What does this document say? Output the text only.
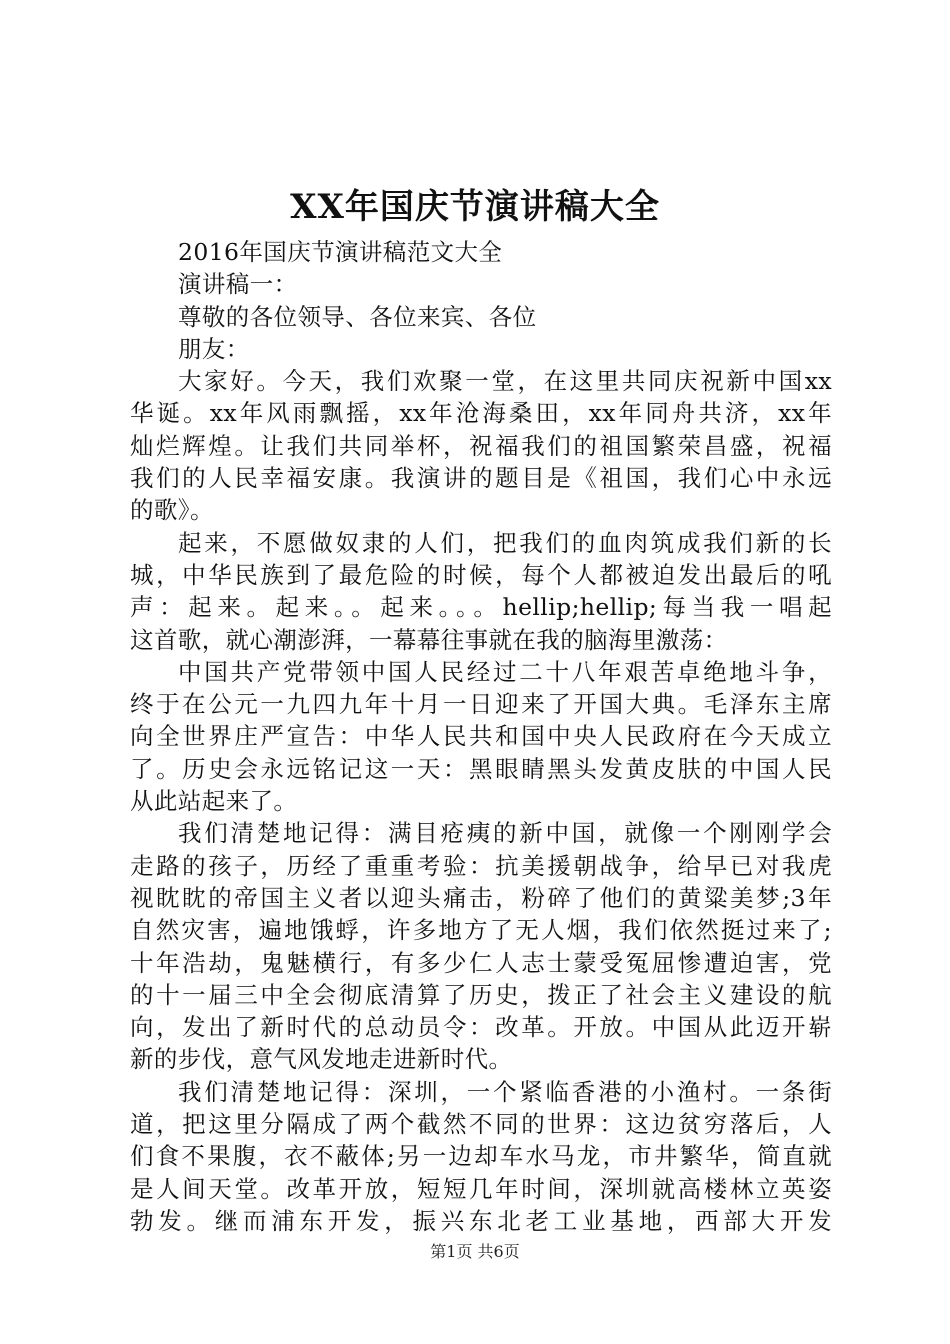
XX年国庆节演讲稿大全
2016年国庆节演讲稿范文大全
演讲稿一：
尊敬的各位领导、各位来宾、各位
朋友：
大家好。今天，我们欢聚一堂，在这里共同庆祝新中国xx
华诞。xx年风雨飘摇，xx年沧海桑田，xx年同舟共济，xx年
灿烂辉煌。让我们共同举杯，祝福我们的祖国繁荣昌盛，祝福
我们的人民幸福安康。我演讲的题目是《祖国，我们心中永远
的歌》。
起来，不愿做奴隶的人们，把我们的血肉筑成我们新的长
城，中华民族到了最危险的时候，每个人都被迫发出最后的吼
声：起来。起来。。起来。。。hellip;hellip;每当我一唱起
这首歌，就心潮澎湃，一幕幕往事就在我的脑海里激荡：
中国共产党带领中国人民经过二十八年艰苦卓绝地斗争，
终于在公元一九四九年十月一日迎来了开国大典。毛泽东主席
向全世界庄严宣告：中华人民共和国中央人民政府在今天成立
了。历史会永远铭记这一天：黑眼睛黑头发黄皮肤的中国人民
从此站起来了。
我们清楚地记得：满目疮痍的新中国，就像一个刚刚学会
走路的孩子，历经了重重考验：抗美援朝战争，给早已对我虎
视眈眈的帝国主义者以迎头痛击，粉碎了他们的黄粱美梦;3年
自然灾害，遍地饿蜉，许多地方了无人烟，我们依然挺过来了;
十年浩劫，鬼魅横行，有多少仁人志士蒙受冤屈惨遭迫害，党
的十一届三中全会彻底清算了历史，拨正了社会主义建设的航
向，发出了新时代的总动员令：改革。开放。中国从此迈开崭
新的步伐，意气风发地走进新时代。
我们清楚地记得：深圳，一个紧临香港的小渔村。一条街
道，把这里分隔成了两个截然不同的世界：这边贫穷落后，人
们食不果腹，衣不蔽体;另一边却车水马龙，市井繁华，简直就
是人间天堂。改革开放，短短几年时间，深圳就高楼林立英姿
勃发。继而浦东开发，振兴东北老工业基地，西部大开发
第1页 共6页
